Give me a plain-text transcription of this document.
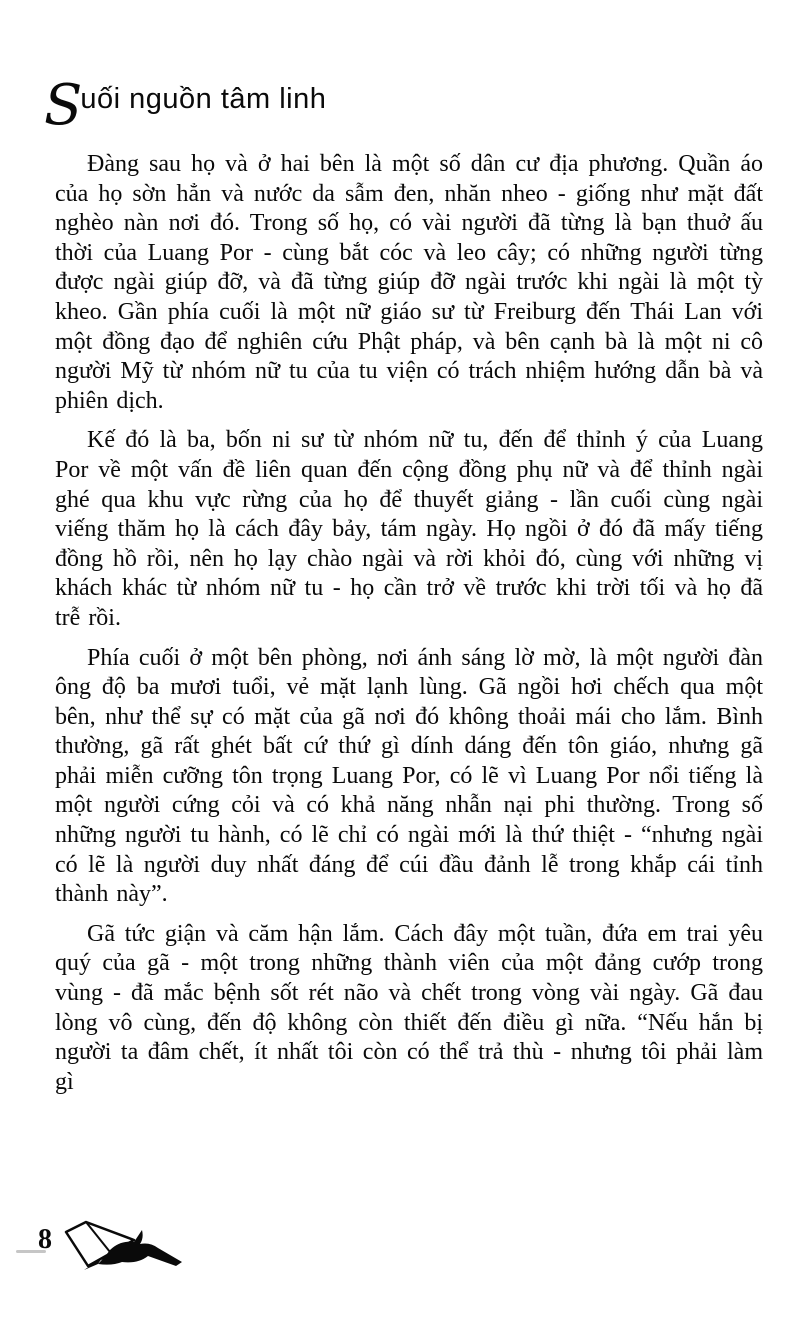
Suối nguồn tâm linh

Đàng sau họ và ở hai bên là một số dân cư địa phương. Quần áo của họ sờn hẳn và nước da sẫm đen, nhăn nheo - giống như mặt đất nghèo nàn nơi đó. Trong số họ, có vài người đã từng là bạn thuở ấu thời của Luang Por - cùng bắt cóc và leo cây; có những người từng được ngài giúp đỡ, và đã từng giúp đỡ ngài trước khi ngài là một tỳ kheo. Gần phía cuối là một nữ giáo sư từ Freiburg đến Thái Lan với một đồng đạo để nghiên cứu Phật pháp, và bên cạnh bà là một ni cô người Mỹ từ nhóm nữ tu của tu viện có trách nhiệm hướng dẫn bà và phiên dịch.

Kế đó là ba, bốn ni sư từ nhóm nữ tu, đến để thỉnh ý của Luang Por về một vấn đề liên quan đến cộng đồng phụ nữ và để thỉnh ngài ghé qua khu vực rừng của họ để thuyết giảng - lần cuối cùng ngài viếng thăm họ là cách đây bảy, tám ngày. Họ ngồi ở đó đã mấy tiếng đồng hồ rồi, nên họ lạy chào ngài và rời khỏi đó, cùng với những vị khách khác từ nhóm nữ tu - họ cần trở về trước khi trời tối và họ đã trễ rồi.

Phía cuối ở một bên phòng, nơi ánh sáng lờ mờ, là một người đàn ông độ ba mươi tuổi, vẻ mặt lạnh lùng. Gã ngồi hơi chếch qua một bên, như thể sự có mặt của gã nơi đó không thoải mái cho lắm. Bình thường, gã rất ghét bất cứ thứ gì dính dáng đến tôn giáo, nhưng gã phải miễn cưỡng tôn trọng Luang Por, có lẽ vì Luang Por nổi tiếng là một người cứng cỏi và có khả năng nhẫn nại phi thường. Trong số những người tu hành, có lẽ chỉ có ngài mới là thứ thiệt - “nhưng ngài có lẽ là người duy nhất đáng để cúi đầu đảnh lễ trong khắp cái tỉnh thành này”.

Gã tức giận và căm hận lắm. Cách đây một tuần, đứa em trai yêu quý của gã - một trong những thành viên của một đảng cướp trong vùng - đã mắc bệnh sốt rét não và chết trong vòng vài ngày. Gã đau lòng vô cùng, đến độ không còn thiết đến điều gì nữa. “Nếu hắn bị người ta đâm chết, ít nhất tôi còn có thể trả thù - nhưng tôi phải làm gì

8
